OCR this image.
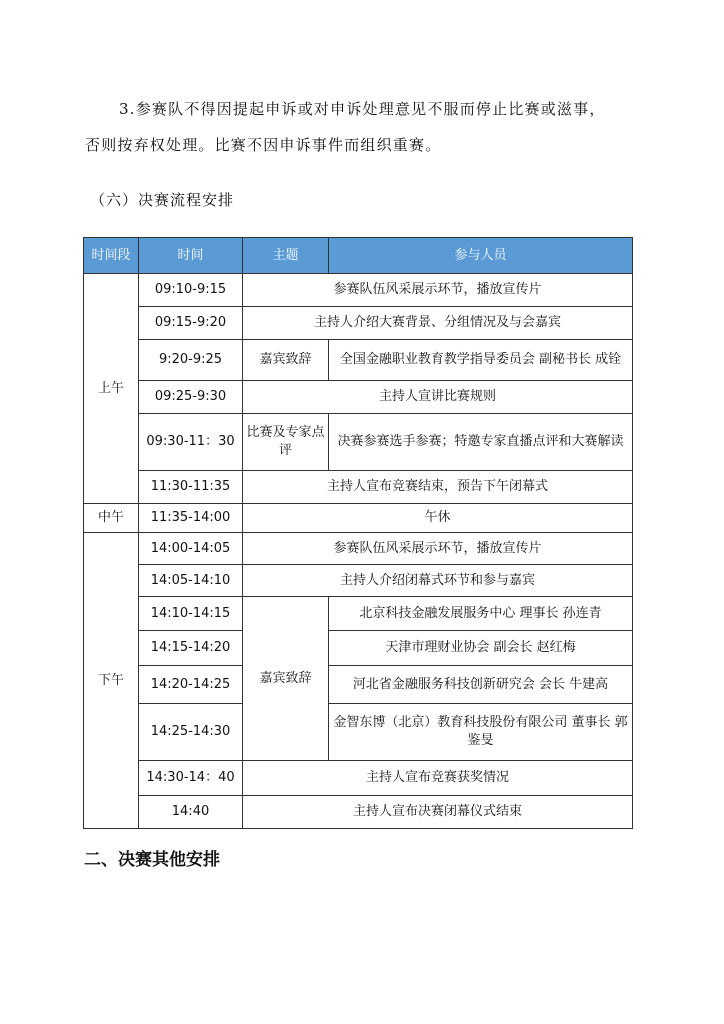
3.参赛队不得因提起申诉或对申诉处理意见不服而停止比赛或滋事，
否则按弃权处理。比赛不因申诉事件而组织重赛。
（六）决赛流程安排
时间段	时间	主题	参与人员
上午	09:10-9:15	参赛队伍风采展示环节，播放宣传片	
	09:15-9:20	主持人介绍大赛背景、分组情况及与会嘉宾	
	9:20-9:25	嘉宾致辞	全国金融职业教育教学指导委员会 副秘书长 成铨
	09:25-9:30	主持人宣讲比赛规则	
	09:30-11：30	比赛及专家点评	决赛参赛选手参赛；特邀专家直播点评和大赛解读
	11:30-11:35	主持人宣布竞赛结束，预告下午闭幕式	
中午	11:35-14:00	午休	
下午	14:00-14:05	参赛队伍风采展示环节，播放宣传片	
	14:05-14:10	主持人介绍闭幕式环节和参与嘉宾	
	14:10-14:15	嘉宾致辞	北京科技金融发展服务中心 理事长 孙连青
	14:15-14:20		天津市理财业协会 副会长 赵红梅
	14:20-14:25		河北省金融服务科技创新研究会 会长 牛建高
	14:25-14:30		金智东博（北京）教育科技股份有限公司 董事长 郭鉴旻
	14:30-14：40	主持人宣布竞赛获奖情况	
	14:40	主持人宣布决赛闭幕仪式结束	
二、决赛其他安排
